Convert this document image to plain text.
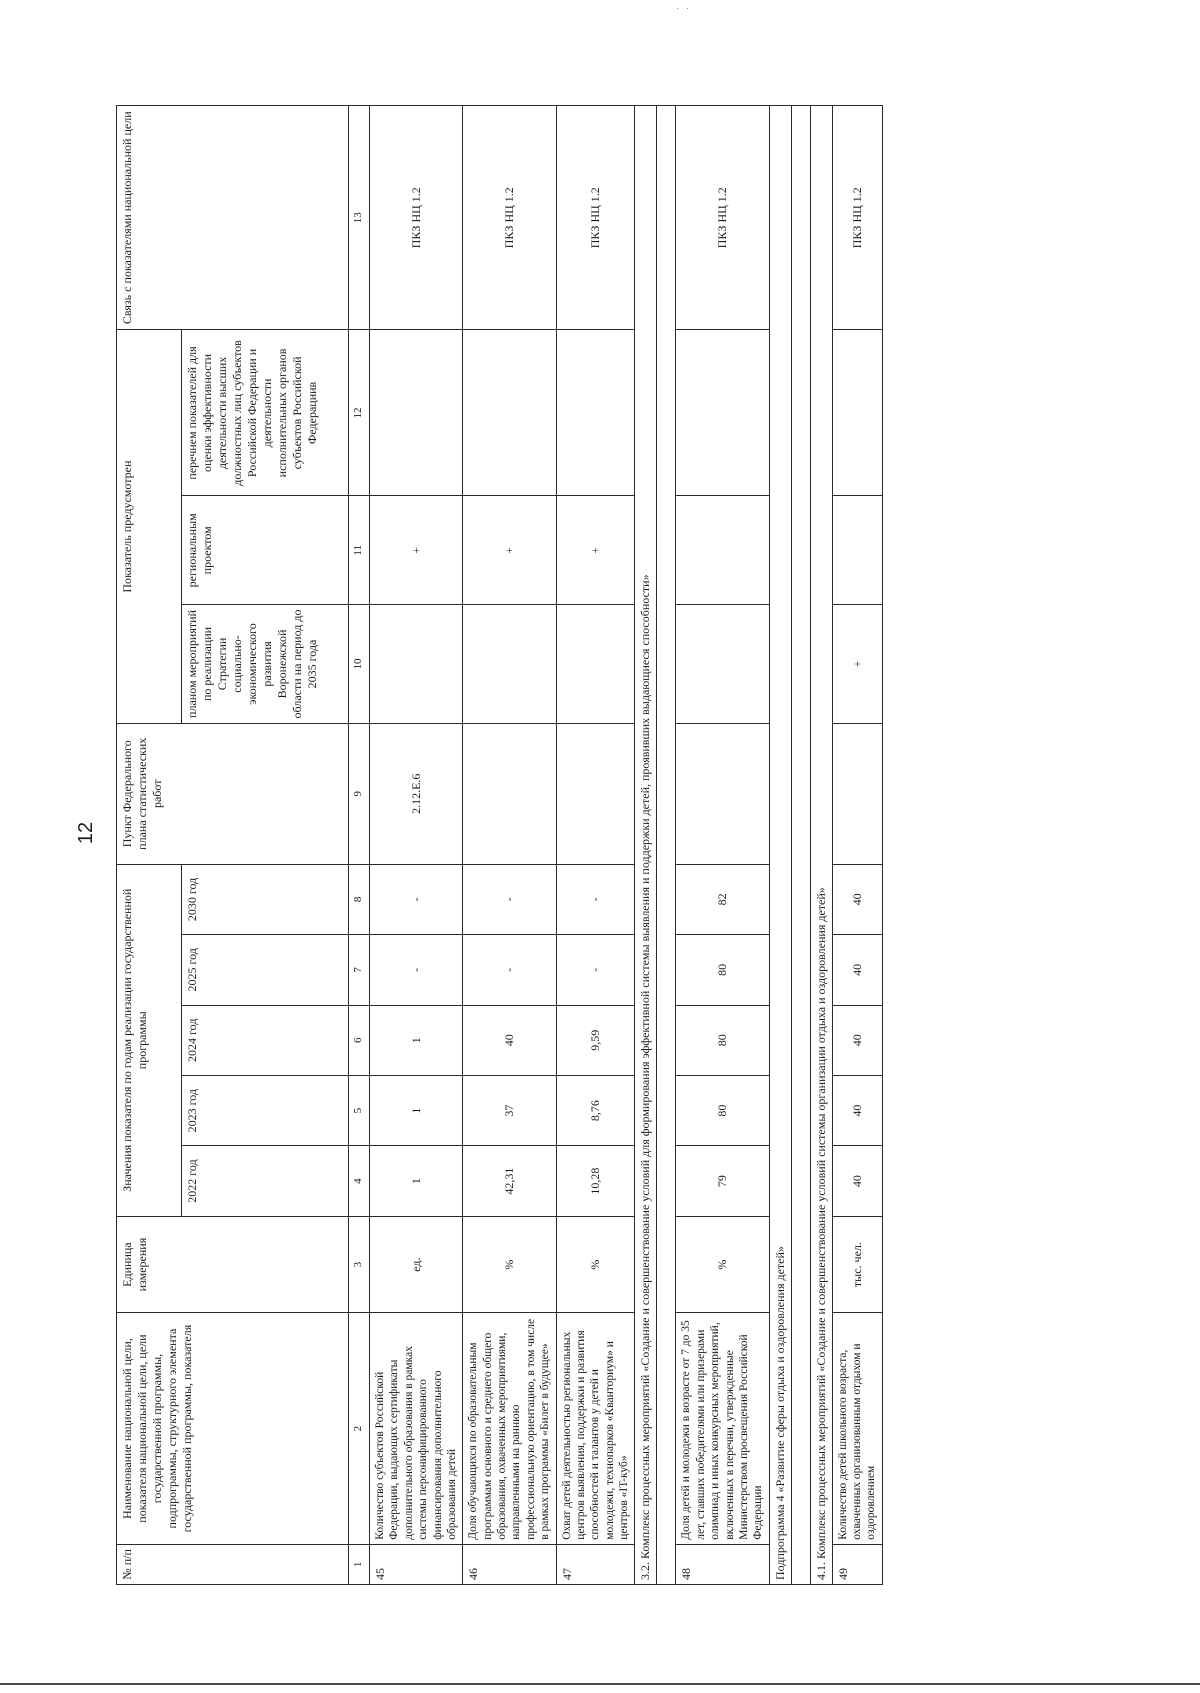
· ·
12
№ п/п	Наименование национальной цели, показателя национальной цели, цели государственной программы, подпрограммы, структурного элемента государственной программы, показателя	Единица измерения	Значения показателя по годам реализации государственной программы					Пункт Федерального плана статистических работ	Показатель предусмотрен			Связь с показателями национальной цели
			2022 год	2023 год	2024 год	2025 год	2030 год		планом мероприятий по реализации Стратегии социально-экономического развития Воронежской области на период до 2035 года	региональным проектом	перечнем показателей для оценки эффективности деятельности высших должностных лиц субъектов Российской Федерации и деятельности исполнительных органов субъектов Российской Федерациив	
1	2	3	4	5	6	7	8	9	10	11	12	13
45	Количество субъектов Российской Федерации, выдающих сертификаты дополнительного образования в рамках системы персонифицированного финансирования дополнительного образования детей	ед.	1	1	1	-	-	2.12.Е.6		+		ПКЗ НЦ 1.2
46	Доля обучающихся по образовательным программам основного и среднего общего образования, охваченных мероприятиями, направленными на раннюю профессиональную ориентацию, в том числе в рамках программы «Билет в будущее»	%	42,31	37	40	-	-			+		ПКЗ НЦ 1.2
47	Охват детей деятельностью региональных центров выявления, поддержки и развития способностей и талантов у детей и молодежи, технопарков «Кванториум» и центров «IT-куб»	%	10,28	8,76	9,59	-	-			+		ПКЗ НЦ 1.2
3.2. Комплекс процессных мероприятий «Создание и совершенствование условий для формирования эффективной системы выявления и поддержки детей, проявивших выдающиеся способности»												

48	Доля детей и молодежи в возрасте от 7 до 35 лет, ставших победителями или призерами олимпиад и иных конкурсных мероприятий, включенных в перечни, утвержденные Министерством просвещения Российской Федерации	%	79	80	80	80	82					ПКЗ НЦ 1.2
Подпрограмма 4 «Развитие сферы отдыха и оздоровления детей»												

4.1. Комплекс процессных мероприятий «Создание и совершенствование условий системы организации отдыха и оздоровления детей»												
49	Количество детей школьного возраста, охваченных организованным отдыхом и оздоровлением	тыс. чел.	40	40	40	40	40		+			ПКЗ НЦ 1.2
